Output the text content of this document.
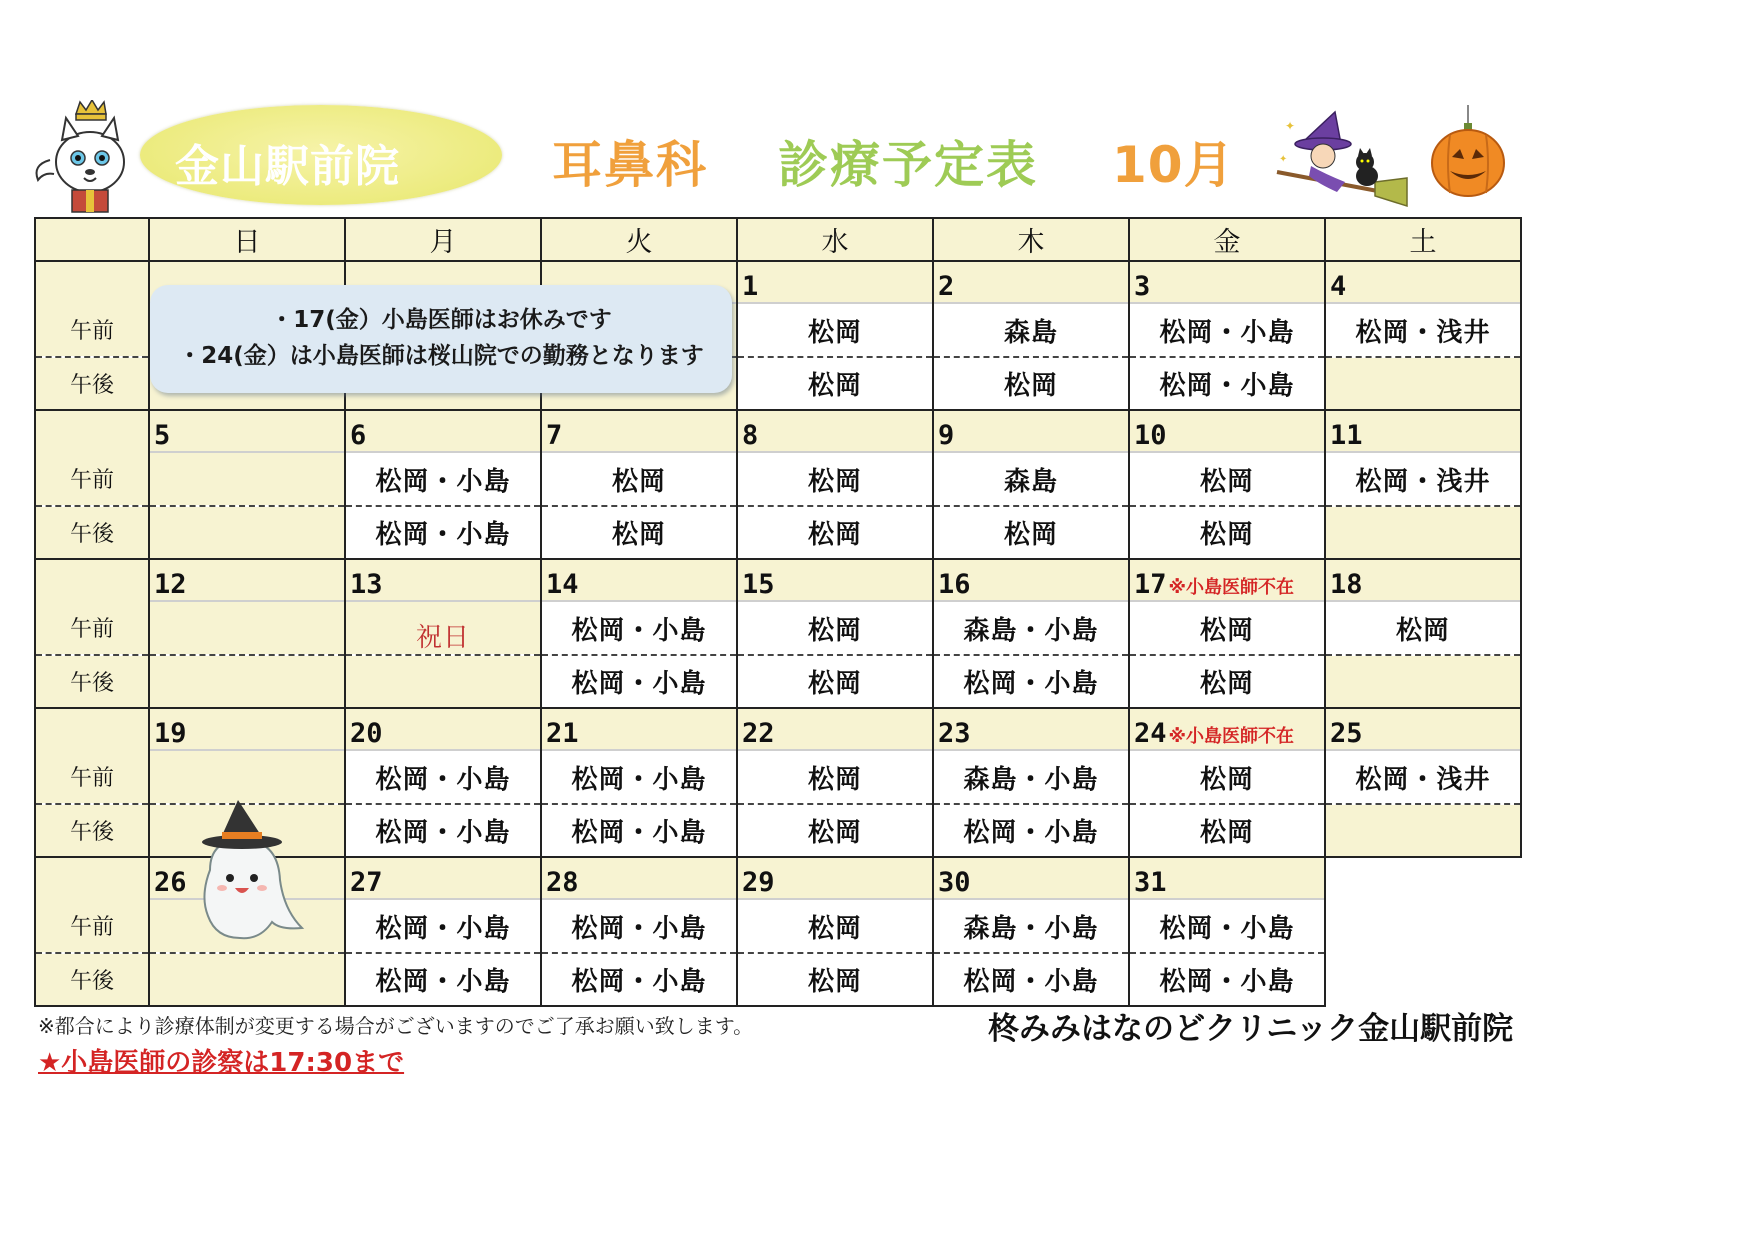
金山駅前院	耳鼻科 診療予定表 10月
✦
✦
	日	月	火	水	木	金	土
				1	2	3	4
午前				松岡	森島	松岡・小島	松岡・浅井
午後				松岡	松岡	松岡・小島	
	5	6	7	8	9	10	11
午前		松岡・小島	松岡	松岡	森島	松岡	松岡・浅井
午後		松岡・小島	松岡	松岡	松岡	松岡	
	12	13	14	15	16	17 ※小島医師不在	18
午前		祝日	松岡・小島	松岡	森島・小島	松岡	松岡
午後			松岡・小島	松岡	松岡・小島	松岡	
	19	20	21	22	23	24 ※小島医師不在	25
午前		松岡・小島	松岡・小島	松岡	森島・小島	松岡	松岡・浅井
午後		松岡・小島	松岡・小島	松岡	松岡・小島	松岡	
	26	27	28	29	30	31	
午前		松岡・小島	松岡・小島	松岡	森島・小島	松岡・小島	
午後		松岡・小島	松岡・小島	松岡	松岡・小島	松岡・小島	
・17(金）小島医師はお休みです
・24(金）は小島医師は桜山院での勤務となります
※都合により診療体制が変更する場合がございますのでご了承お願い致します。	柊みみはなのどクリニック金山駅前院
★小島医師の診察は17:30まで
